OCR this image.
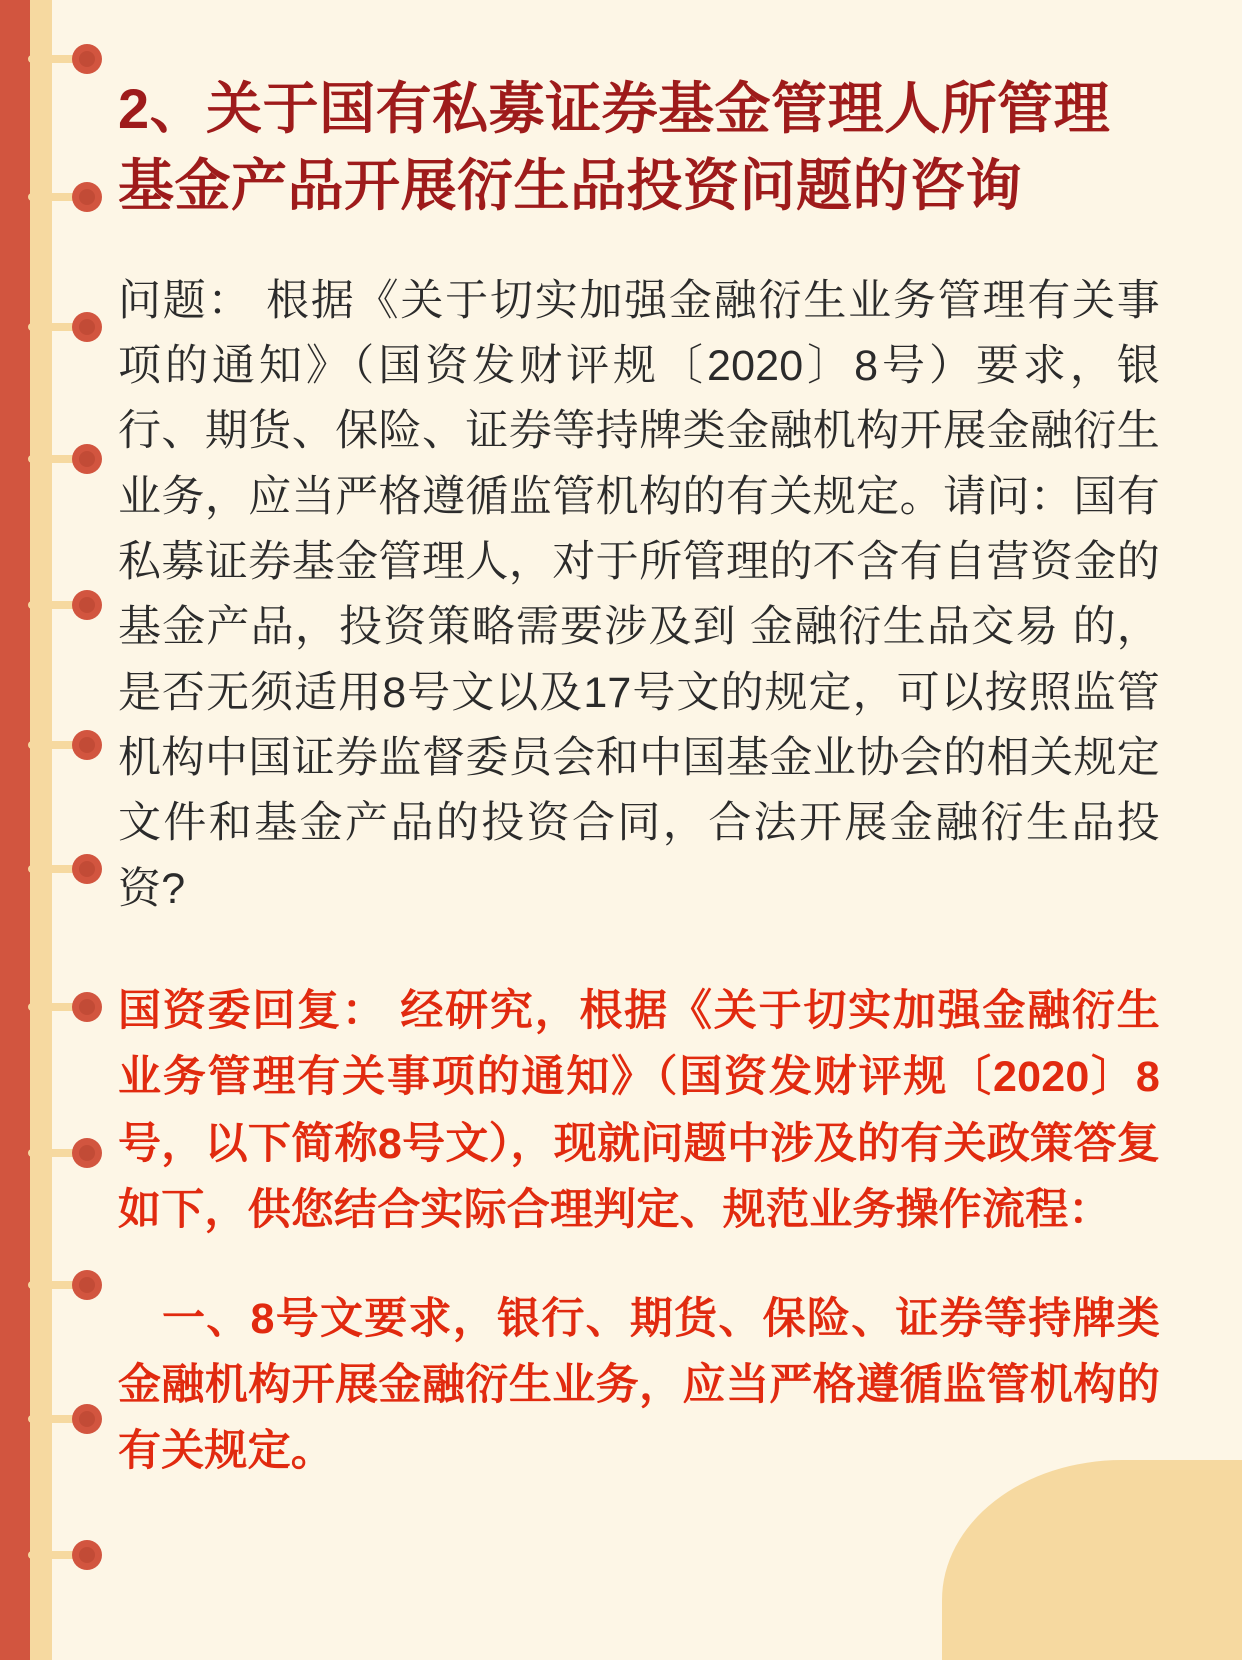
2、关于国有私募证券基金管理人所管理基金产品开展衍生品投资问题的咨询

问题： 根据《关于切实加强金融衍生业务管理有关事项的通知》（国资发财评规〔2020〕8号）要求，银行、期货、保险、证券等持牌类金融机构开展金融衍生业务，应当严格遵循监管机构的有关规定。请问：国有私募证券基金管理人，对于所管理的不含有自营资金的基金产品，投资策略需要涉及到 金融衍生品交易 的，是否无须适用8号文以及17号文的规定，可以按照监管机构中国证券监督委员会和中国基金业协会的相关规定文件和基金产品的投资合同，合法开展金融衍生品投资?

国资委回复： 经研究，根据《关于切实加强金融衍生业务管理有关事项的通知》（国资发财评规〔2020〕8号，以下简称8号文），现就问题中涉及的有关政策答复如下，供您结合实际合理判定、规范业务操作流程：

一、8号文要求，银行、期货、保险、证券等持牌类金融机构开展金融衍生业务，应当严格遵循监管机构的有关规定。
